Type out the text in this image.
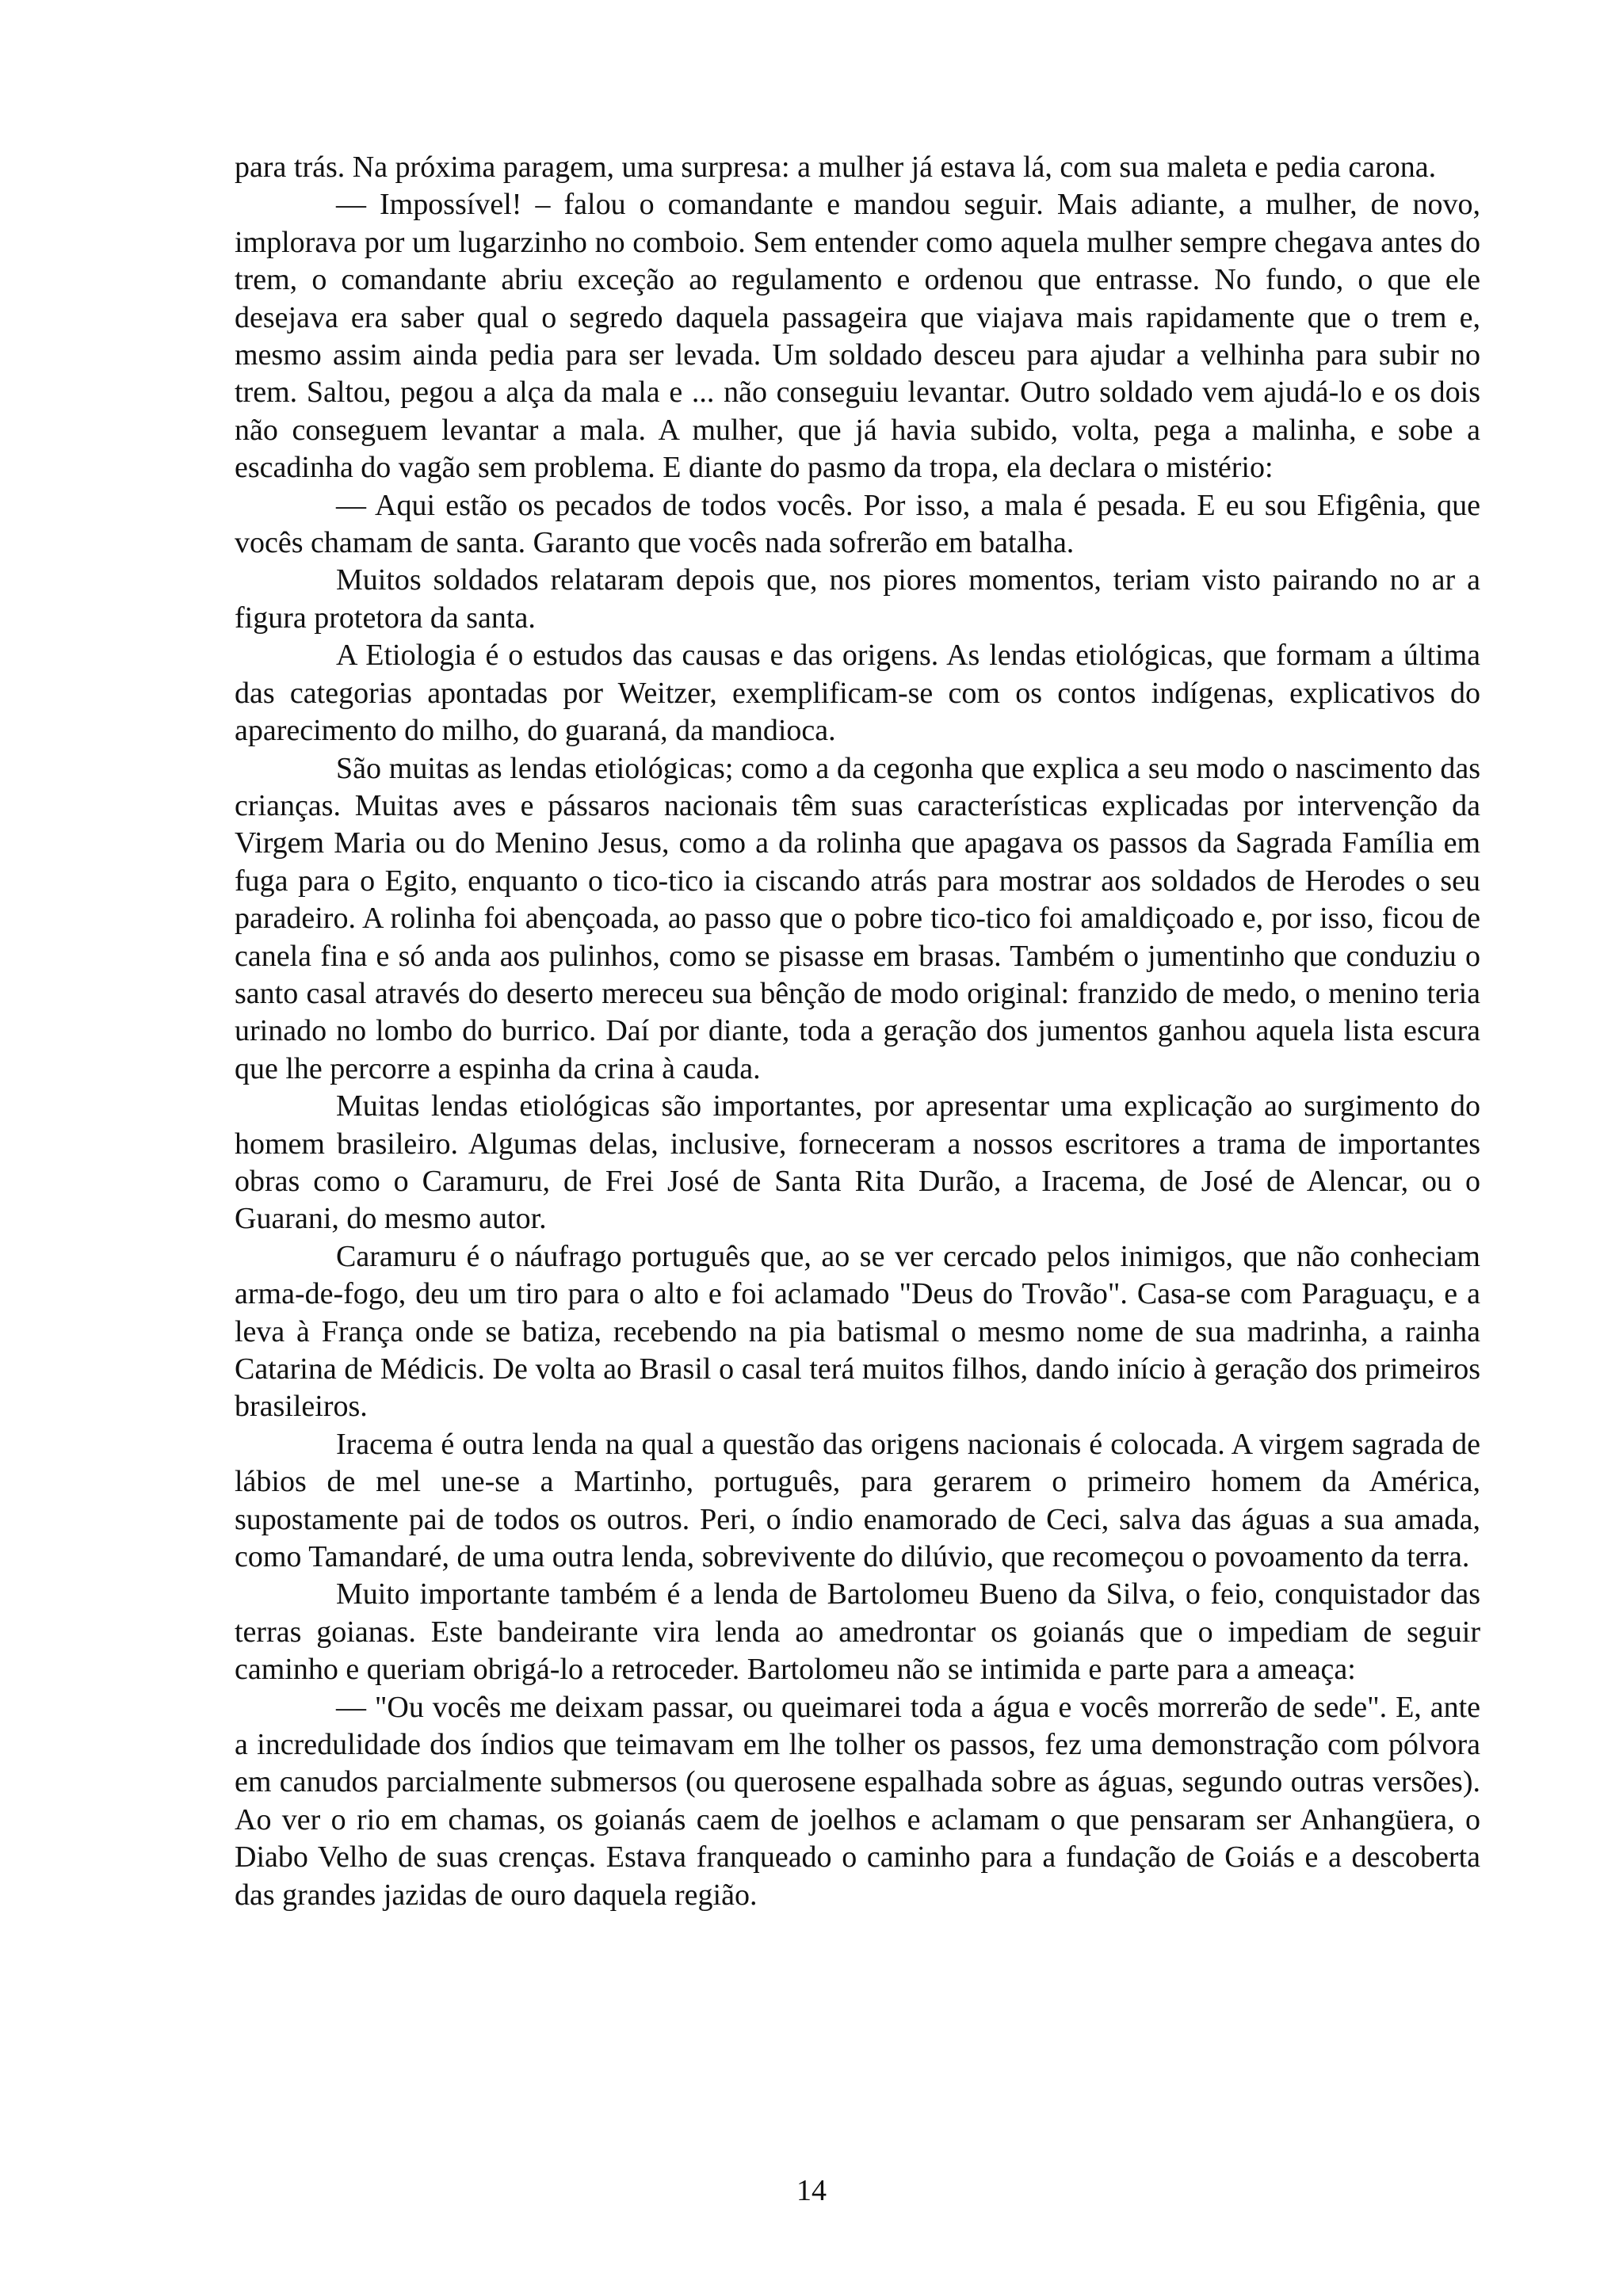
para trás. Na próxima paragem, uma surpresa: a mulher já estava lá, com sua maleta e pedia carona.

— Impossível! – falou o comandante e mandou seguir. Mais adiante, a mulher, de novo, implorava por um lugarzinho no comboio. Sem entender como aquela mulher sempre chegava antes do trem, o comandante abriu exceção ao regulamento e ordenou que entrasse. No fundo, o que ele desejava era saber qual o segredo daquela passageira que viajava mais rapidamente que o trem e, mesmo assim ainda pedia para ser levada. Um soldado desceu para ajudar a velhinha para subir no trem. Saltou, pegou a alça da mala e ... não conseguiu levantar. Outro soldado vem ajudá-lo e os dois não conseguem levantar a mala. A mulher, que já havia subido, volta, pega a malinha, e sobe a escadinha do vagão sem problema. E diante do pasmo da tropa, ela declara o mistério:

— Aqui estão os pecados de todos vocês. Por isso, a mala é pesada. E eu sou Efigênia, que vocês chamam de santa. Garanto que vocês nada sofrerão em batalha.

Muitos soldados relataram depois que, nos piores momentos, teriam visto pairando no ar a figura protetora da santa.

A Etiologia é o estudos das causas e das origens. As lendas etiológicas, que formam a última das categorias apontadas por Weitzer, exemplificam-se com os contos indígenas, explicativos do aparecimento do milho, do guaraná, da mandioca.

São muitas as lendas etiológicas; como a da cegonha que explica a seu modo o nascimento das crianças. Muitas aves e pássaros nacionais têm suas características explicadas por intervenção da Virgem Maria ou do Menino Jesus, como a da rolinha que apagava os passos da Sagrada Família em fuga para o Egito, enquanto o tico-tico ia ciscando atrás para mostrar aos soldados de Herodes o seu paradeiro. A rolinha foi abençoada, ao passo que o pobre tico-tico foi amaldiçoado e, por isso, ficou de canela fina e só anda aos pulinhos, como se pisasse em brasas. Também o jumentinho que conduziu o santo casal através do deserto mereceu sua bênção de modo original: franzido de medo, o menino teria urinado no lombo do burrico. Daí por diante, toda a geração dos jumentos ganhou aquela lista escura que lhe percorre a espinha da crina à cauda.

Muitas lendas etiológicas são importantes, por apresentar uma explicação ao surgimento do homem brasileiro. Algumas delas, inclusive, forneceram a nossos escritores a trama de importantes obras como o Caramuru, de Frei José de Santa Rita Durão, a Iracema, de José de Alencar, ou o Guarani, do mesmo autor.

Caramuru é o náufrago português que, ao se ver cercado pelos inimigos, que não conheciam arma-de-fogo, deu um tiro para o alto e foi aclamado "Deus do Trovão". Casa-se com Paraguaçu, e a leva à França onde se batiza, recebendo na pia batismal o mesmo nome de sua madrinha, a rainha Catarina de Médicis. De volta ao Brasil o casal terá muitos filhos, dando início à geração dos primeiros brasileiros.

Iracema é outra lenda na qual a questão das origens nacionais é colocada. A virgem sagrada de lábios de mel une-se a Martinho, português, para gerarem o primeiro homem da América, supostamente pai de todos os outros. Peri, o índio enamorado de Ceci, salva das águas a sua amada, como Tamandaré, de uma outra lenda, sobrevivente do dilúvio, que recomeçou o povoamento da terra.

Muito importante também é a lenda de Bartolomeu Bueno da Silva, o feio, conquistador das terras goianas. Este bandeirante vira lenda ao amedrontar os goianás que o impediam de seguir caminho e queriam obrigá-lo a retroceder. Bartolomeu não se intimida e parte para a ameaça:

— "Ou vocês me deixam passar, ou queimarei toda a água e vocês morrerão de sede". E, ante a incredulidade dos índios que teimavam em lhe tolher os passos, fez uma demonstração com pólvora em canudos parcialmente submersos (ou querosene espalhada sobre as águas, segundo outras versões). Ao ver o rio em chamas, os goianás caem de joelhos e aclamam o que pensaram ser Anhangüera, o Diabo Velho de suas crenças. Estava franqueado o caminho para a fundação de Goiás e a descoberta das grandes jazidas de ouro daquela região.

14
